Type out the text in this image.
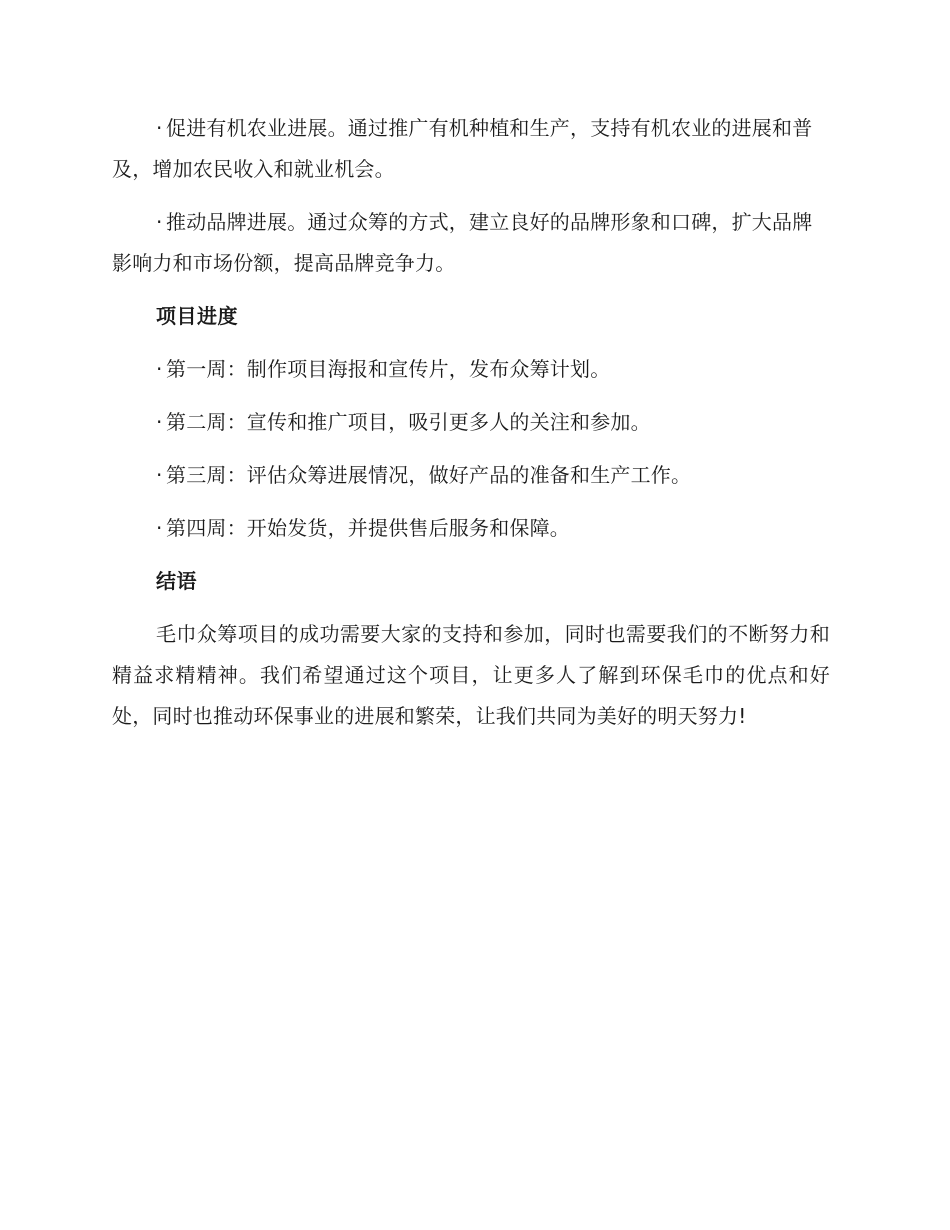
· 促进有机农业进展。通过推广有机种植和生产，支持有机农业的进展和普及，增加农民收入和就业机会。

· 推动品牌进展。通过众筹的方式，建立良好的品牌形象和口碑，扩大品牌影响力和市场份额，提高品牌竞争力。

项目进度

· 第一周：制作项目海报和宣传片，发布众筹计划。

· 第二周：宣传和推广项目，吸引更多人的关注和参加。

· 第三周：评估众筹进展情况，做好产品的准备和生产工作。

· 第四周：开始发货，并提供售后服务和保障。

结语

毛巾众筹项目的成功需要大家的支持和参加，同时也需要我们的不断努力和精益求精精神。我们希望通过这个项目，让更多人了解到环保毛巾的优点和好处，同时也推动环保事业的进展和繁荣，让我们共同为美好的明天努力!
